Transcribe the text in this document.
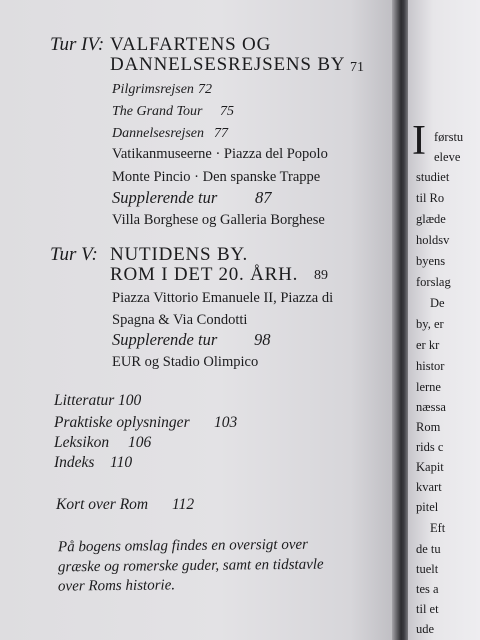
Tur IV: VALFARTENS OG
DANNELSESREJSENS BY 71
Pilgrimsrejsen 72
The Grand Tour 75
Dannelsesrejsen 77
Vatikanmuseerne · Piazza del Popolo
Monte Pincio · Den spanske Trappe
Supplerende tur 87
Villa Borghese og Galleria Borghese
Tur V: NUTIDENS BY.
ROM I DET 20. ÅRH. 89
Piazza Vittorio Emanuele II, Piazza di
Spagna & Via Condotti
Supplerende tur 98
EUR og Stadio Olimpico
Litteratur 100
Praktiske oplysninger 103
Leksikon 106
Indeks 110
Kort over Rom 112
På bogens omslag findes en oversigt over
græske og romerske guder, samt en tidstavle
over Roms historie.
I førstu
eleve
studiet
til Ro
glæde
holdsv
byens
forslag
De
by, er
er kr
histor
lerne
næssa
Rom
rids c
Kapit
kvart
pitel
Eft
de tu
tuelt
tes a
til et
ude
